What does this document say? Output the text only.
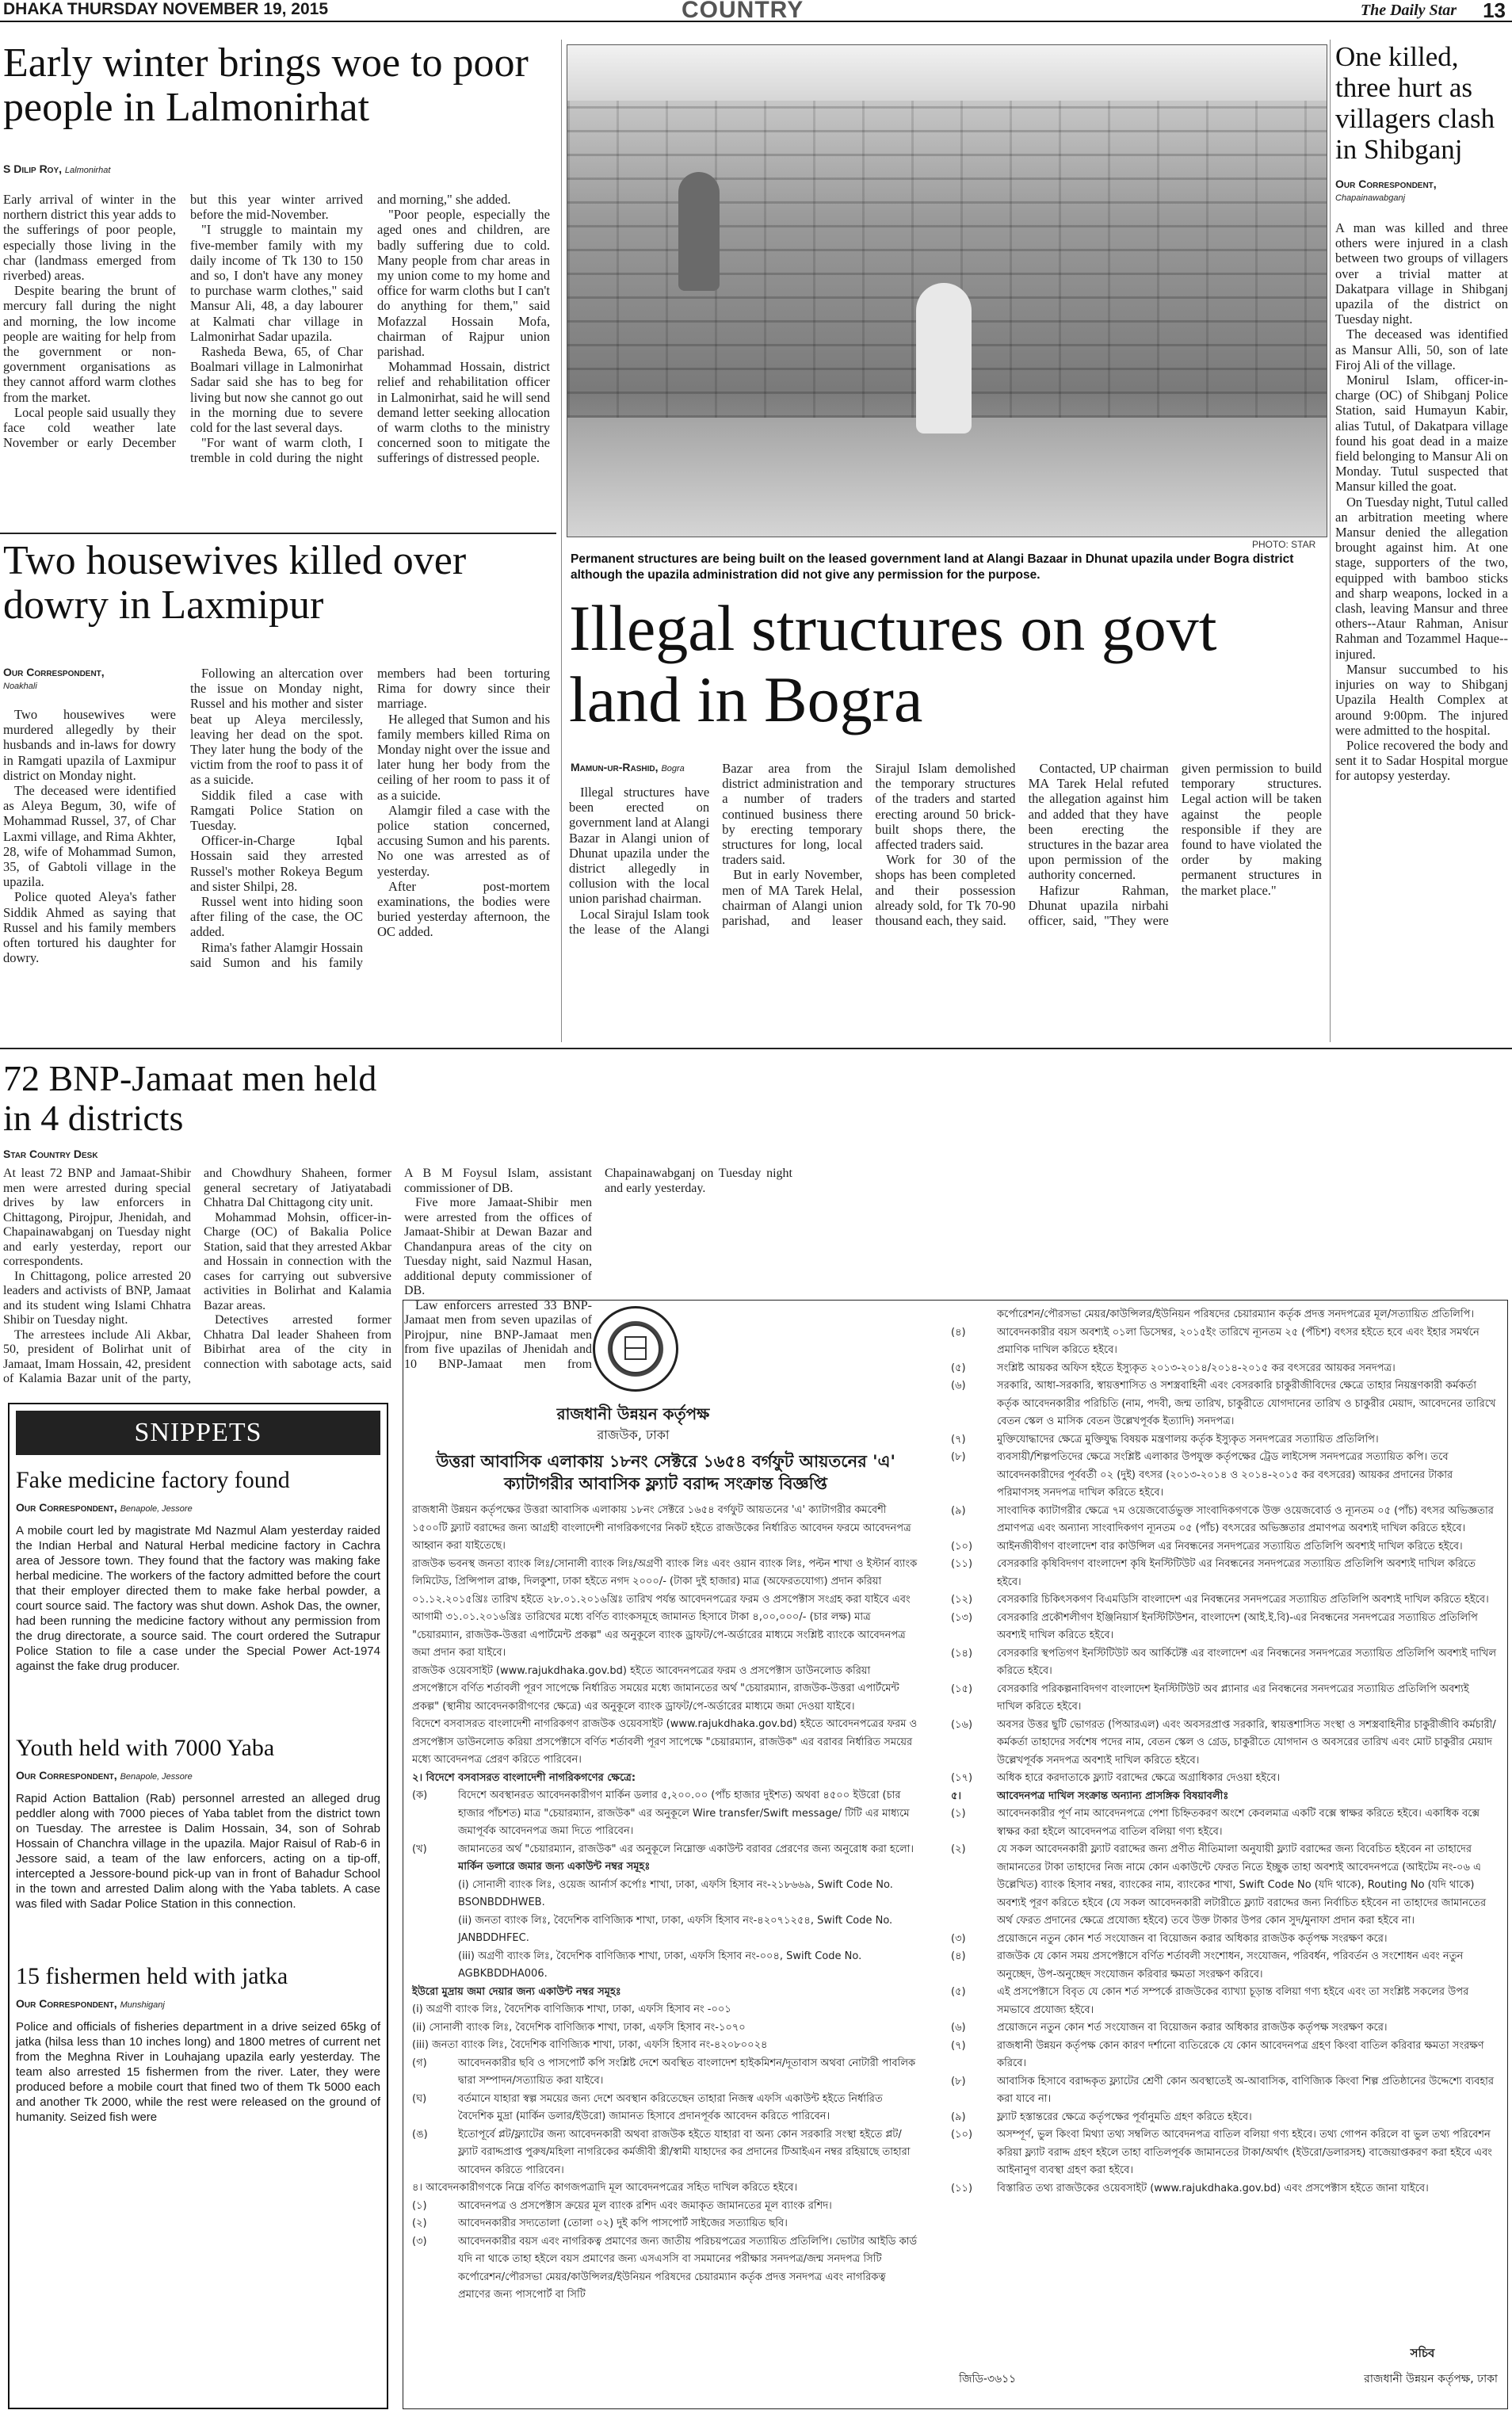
DHAKA THURSDAY NOVEMBER 19, 2015	COUNTRY	The Daily Star 13
Early winter brings woe to poor people in Lalmonirhat
S Dilip Roy, Lalmonirhat

Early arrival of winter in the northern district this year adds to the sufferings of poor people, especially those living in the char (landmass emerged from riverbed) areas.

Despite bearing the brunt of mercury fall during the night and morning, the low income people are waiting for help from the government or non-government organisations as they cannot afford warm clothes from the market.

Local people said usually they face cold weather late November or early December but this year winter arrived before the mid-November.

"I struggle to maintain my five-member family with my daily income of Tk 130 to 150 and so, I don't have any money to purchase warm clothes," said Mansur Ali, 48, a day labourer at Kalmati char village in Lalmonirhat Sadar upazila.

Rasheda Bewa, 65, of Char Boalmari village in Lalmonirhat Sadar said she has to beg for living but now she cannot go out in the morning due to severe cold for the last several days.

"For want of warm cloth, I tremble in cold during the night and morning," she added.

"Poor people, especially the aged ones and children, are badly suffering due to cold. Many people from char areas in my union come to my home and office for warm cloths but I can't do anything for them," said Mofazzal Hossain Mofa, chairman of Rajpur union parishad.

Mohammad Hossain, district relief and rehabilitation officer in Lalmonirhat, said he will send demand letter seeking allocation of warm cloths to the ministry concerned soon to mitigate the sufferings of distressed people.

Two housewives killed over dowry in Laxmipur
Our Correspondent,
Noakhali

Two housewives were murdered allegedly by their husbands and in-laws for dowry in Ramgati upazila of Laxmipur district on Monday night.

The deceased were identified as Aleya Begum, 30, wife of Mohammad Russel, 37, of Char Laxmi village, and Rima Akhter, 28, wife of Mohammad Sumon, 35, of Gabtoli village in the upazila.

Police quoted Aleya's father Siddik Ahmed as saying that Russel and his family members often tortured his daughter for dowry.

Following an altercation over the issue on Monday night, Russel and his mother and sister beat up Aleya mercilessly, leaving her dead on the spot. They later hung the body of the victim from the roof to pass it of as a suicide.

Siddik filed a case with Ramgati Police Station on Tuesday.

Officer-in-Charge Iqbal Hossain said they arrested Russel's mother Rokeya Begum and sister Shilpi, 28.

Russel went into hiding soon after filing of the case, the OC added.

Rima's father Alamgir Hossain said Sumon and his family members had been torturing Rima for dowry since their marriage.

He alleged that Sumon and his family members killed Rima on Monday night over the issue and later hung her body from the ceiling of her room to pass it of as a suicide.

Alamgir filed a case with the police station concerned, accusing Sumon and his parents. No one was arrested as of yesterday.

After post-mortem examinations, the bodies were buried yesterday afternoon, the OC added.

PHOTO: STAR
Permanent structures are being built on the leased government land at Alangi Bazaar in Dhunat upazila under Bogra district although the upazila administration did not give any permission for the purpose.
Illegal structures on govt land in Bogra
Mamun-ur-Rashid, Bogra

Illegal structures have been erected on government land at Alangi Bazar in Alangi union of Dhunat upazila under the district allegedly in collusion with the local union parishad chairman.

Local Sirajul Islam took the lease of the Alangi Bazar area from the district administration and a number of traders continued business there by erecting temporary structures for long, local traders said.

But in early November, men of MA Tarek Helal, chairman of Alangi union parishad, and leaser Sirajul Islam demolished the temporary structures of the traders and started erecting around 50 brick-built shops there, the affected traders said.

Work for 30 of the shops has been completed and their possession already sold, for Tk 70-90 thousand each, they said.

Contacted, UP chairman MA Tarek Helal refuted the allegation against him and added that they have been erecting the structures in the bazar area upon permission of the authority concerned.

Hafizur Rahman, Dhunat upazila nirbahi officer, said, "They were given permission to build temporary structures. Legal action will be taken against the people responsible if they are found to have violated the order by making permanent structures in the market place."

One killed, three hurt as villagers clash in Shibganj
Our Correspondent,
Chapainawabganj

A man was killed and three others were injured in a clash between two groups of villagers over a trivial matter at Dakatpara village in Shibganj upazila of the district on Tuesday night.

The deceased was identified as Mansur Alli, 50, son of late Firoj Ali of the village.

Monirul Islam, officer-in-charge (OC) of Shibganj Police Station, said Humayun Kabir, alias Tutul, of Dakatpara village found his goat dead in a maize field belonging to Mansur Ali on Monday. Tutul suspected that Mansur killed the goat.

On Tuesday night, Tutul called an arbitration meeting where Mansur denied the allegation brought against him. At one stage, supporters of the two, equipped with bamboo sticks and sharp weapons, locked in a clash, leaving Mansur and three others--Ataur Rahman, Anisur Rahman and Tozammel Haque--injured.

Mansur succumbed to his injuries on way to Shibganj Upazila Health Complex at around 9:00pm. The injured were admitted to the hospital.

Police recovered the body and sent it to Sadar Hospital morgue for autopsy yesterday.

72 BNP-Jamaat men held in 4 districts
Star Country Desk

At least 72 BNP and Jamaat-Shibir men were arrested during special drives by law enforcers in Chittagong, Pirojpur, Jhenidah, and Chapainawabganj on Tuesday night and early yesterday, report our correspondents.

In Chittagong, police arrested 20 leaders and activists of BNP, Jamaat and its student wing Islami Chhatra Shibir on Tuesday night.

The arrestees include Ali Akbar, 50, president of Bolirhat unit of Jamaat, Imam Hossain, 42, president of Kalamia Bazar unit of the party, and Chowdhury Shaheen, former general secretary of Jatiyatabadi Chhatra Dal Chittagong city unit.

Mohammad Mohsin, officer-in-Charge (OC) of Bakalia Police Station, said that they arrested Akbar and Hossain in connection with the cases for carrying out subversive activities in Bolirhat and Kalamia Bazar areas.

Detectives arrested former Chhatra Dal leader Shaheen from Bibirhat area of the city in connection with sabotage acts, said A B M Foysul Islam, assistant commissioner of DB.

Five more Jamaat-Shibir men were arrested from the offices of Jamaat-Shibir at Dewan Bazar and Chandanpura areas of the city on Tuesday night, said Nazmul Hasan, additional deputy commissioner of DB.

Law enforcers arrested 33 BNP-Jamaat men from seven upazilas of Pirojpur, nine BNP-Jamaat men from five upazilas of Jhenidah and 10 BNP-Jamaat men from Chapainawabganj on Tuesday night and early yesterday.

SNIPPETS
Fake medicine factory found
Our Correspondent, Benapole, Jessore

A mobile court led by magistrate Md Nazmul Alam yesterday raided the Indian Herbal and Natural Herbal medicine factory in Cachra area of Jessore town. They found that the factory was making fake herbal medicine. The workers of the factory admitted before the court that their employer directed them to make fake herbal powder, a court source said. The factory was shut down. Ashok Das, the owner, had been running the medicine factory without any permission from the drug directorate, a source said. The court ordered the Sutrapur Police Station to file a case under the Special Power Act-1974 against the fake drug producer.

Youth held with 7000 Yaba
Our Correspondent, Benapole, Jessore

Rapid Action Battalion (Rab) personnel arrested an alleged drug peddler along with 7000 pieces of Yaba tablet from the district town on Tuesday. The arrestee is Dalim Hossain, 34, son of Sohrab Hossain of Chanchra village in the upazila. Major Raisul of Rab-6 in Jessore said, a team of the law enforcers, acting on a tip-off, intercepted a Jessore-bound pick-up van in front of Bahadur School in the town and arrested Dalim along with the Yaba tablets. A case was filed with Sadar Police Station in this connection.

15 fishermen held with jatka
Our Correspondent, Munshiganj

Police and officials of fisheries department in a drive seized 65kg of jatka (hilsa less than 10 inches long) and 1800 metres of current net from the Meghna River in Louhajang upazila early yesterday. The team also arrested 15 fishermen from the river. Later, they were produced before a mobile court that fined two of them Tk 5000 each and another Tk 2000, while the rest were released on the ground of humanity. Seized fish were

রাজধানী উন্নয়ন কর্তৃপক্ষ
রাজউক, ঢাকা
উত্তরা আবাসিক এলাকায় ১৮নং সেক্টরে ১৬৫৪ বর্গফুট আয়তনের 'এ' ক্যাটাগরীর আবাসিক ফ্ল্যাট বরাদ্দ সংক্রান্ত বিজ্ঞপ্তি
রাজধানী উন্নয়ন কর্তৃপক্ষের উত্তরা আবাসিক এলাকায় ১৮নং সেক্টরে ১৬৫৪ বর্গফুট আয়তনের 'এ' ক্যাটাগরীর কমবেশী ১৫০০টি ফ্ল্যাট বরাদ্দের জন্য আগ্রহী বাংলাদেশী নাগরিকগণের নিকট হইতে রাজউকের নির্ধারিত আবেদন ফরমে আবেদনপত্র আহ্বান করা যাইতেছে।
রাজউক ভবনস্থ জনতা ব্যাংক লিঃ/সোনালী ব্যাংক লিঃ/অগ্রণী ব্যাংক লিঃ এবং ওয়ান ব্যাংক লিঃ, পল্টন শাখা ও ইস্টার্ন ব্যাংক লিমিটেড, প্রিন্সিপাল ব্রাঞ্চ, দিলকুশা, ঢাকা হইতে নগদ ২০০০/- (টাকা দুই হাজার) মাত্র (অফেরতযোগ্য) প্রদান করিয়া ০১.১২.২০১৫খ্রিঃ তারিখ হইতে ২৮.০১.২০১৬খ্রিঃ তারিখ পর্যন্ত আবেদনপত্রের ফরম ও প্রসপেক্টাস সংগ্রহ করা যাইবে এবং আগামী ৩১.০১.২০১৬খ্রিঃ তারিখের মধ্যে বর্ণিত ব্যাংকসমূহে জামানত হিসাবে টাকা ৪,০০,০০০/- (চার লক্ষ) মাত্র "চেয়ারম্যান, রাজউক-উত্তরা এপার্টমেন্ট প্রকল্প" এর অনুকূলে ব্যাংক ড্রাফট/পে-অর্ডারের মাধ্যমে সংশ্লিষ্ট ব্যাংকে আবেদনপত্র জমা প্রদান করা যাইবে।
রাজউক ওয়েবসাইট (www.rajukdhaka.gov.bd) হইতে আবেদনপত্রের ফরম ও প্রসপেক্টাস ডাউনলোড করিয়া প্রসপেক্টাসে বর্ণিত শর্তাবলী পূরণ সাপেক্ষে নির্ধারিত সময়ের মধ্যে জামানতের অর্থ "চেয়ারম্যান, রাজউক-উত্তরা এপার্টমেন্ট প্রকল্প" (স্থানীয় আবেদনকারীগণের ক্ষেত্রে) এর অনুকূলে ব্যাংক ড্রাফট/পে-অর্ডারের মাধ্যমে জমা দেওয়া যাইবে।
বিদেশে বসবাসরত বাংলাদেশী নাগরিকগণ রাজউক ওয়েবসাইট (www.rajukdhaka.gov.bd) হইতে আবেদনপত্রের ফরম ও প্রসপেক্টাস ডাউনলোড করিয়া প্রসপেক্টাসে বর্ণিত শর্তাবলী পূরণ সাপেক্ষে "চেয়ারম্যান, রাজউক" এর বরাবর নির্ধারিত সময়ের মধ্যে আবেদনপত্র প্রেরণ করিতে পারিবেন।
২। বিদেশে বসবাসরত বাংলাদেশী নাগরিকগণের ক্ষেত্রে:
(ক)	বিদেশে অবস্থানরত আবেদনকারীগণ মার্কিন ডলার ৫,২০০.০০ (পাঁচ হাজার দুইশত) অথবা ৪৫০০ ইউরো (চার হাজার পাঁচশত) মাত্র "চেয়ারম্যান, রাজউক" এর অনুকূলে Wire transfer/Swift message/ টিটি এর মাধ্যমে জমাপূর্বক আবেদনপত্র জমা দিতে পারিবেন।
(খ)	জামানতের অর্থ "চেয়ারম্যান, রাজউক" এর অনুকূলে নিম্নোক্ত একাউন্ট বরাবর প্রেরণের জন্য অনুরোধ করা হলো।
মার্কিন ডলারে জমার জন্য একাউন্ট নম্বর সমূহঃ
(i) সোনালী ব্যাংক লিঃ, ওয়েজ আর্নার্স কর্পোঃ শাখা, ঢাকা, এফসি হিসাব নং-২১৮৬৬৯, Swift Code No. BSONBDDHWEB.
(ii) জনতা ব্যাংক লিঃ, বৈদেশিক বাণিজ্যিক শাখা, ঢাকা, এফসি হিসাব নং-৪২০৭১২৫৪, Swift Code No. JANBDDHFEC.
(iii) অগ্রণী ব্যাংক লিঃ, বৈদেশিক বাণিজ্যিক শাখা, ঢাকা, এফসি হিসাব নং-০০৪, Swift Code No. AGBKBDDHA006.
ইউরো মুদ্রায় জমা দেয়ার জন্য একাউন্ট নম্বর সমূহঃ
(i) অগ্রণী ব্যাংক লিঃ, বৈদেশিক বাণিজ্যিক শাখা, ঢাকা, এফসি হিসাব নং -০০১
(ii) সোনালী ব্যাংক লিঃ, বৈদেশিক বাণিজ্যিক শাখা, ঢাকা, এফসি হিসাব নং-১০৭০
(iii) জনতা ব্যাংক লিঃ, বৈদেশিক বাণিজ্যিক শাখা, ঢাকা, এফসি হিসাব নং-৪২০৮০০২৪
(গ)	আবেদনকারীর ছবি ও পাসপোর্ট কপি সংশ্লিষ্ট দেশে অবস্থিত বাংলাদেশ হাইকমিশন/দূতাবাস অথবা নোটারী পাবলিক দ্বারা সম্পাদন/সত্যায়িত করা যাইবে।
(ঘ)	বর্তমানে যাহারা স্বল্প সময়ের জন্য দেশে অবস্থান করিতেছেন তাহারা নিজস্ব এফসি একাউন্ট হইতে নির্ধারিত বৈদেশিক মুদ্রা (মার্কিন ডলার/ইউরো) জামানত হিসাবে প্রদানপূর্বক আবেদন করিতে পারিবেন।
(ঙ)	ইতোপূর্বে প্লট/ফ্ল্যাটের জন্য আবেদনকারী অথবা রাজউক হইতে যাহারা বা অন্য কোন সরকারি সংস্থা হইতে প্লট/ফ্ল্যাট বরাদ্দপ্রাপ্ত পুরুষ/মহিলা নাগরিকের কর্মজীবী স্ত্রী/স্বামী যাহাদের কর প্রদানের টিআইএন নম্বর রহিয়াছে তাহারা আবেদন করিতে পারিবেন।
৪। আবেদনকারীগণকে নিম্নে বর্ণিত কাগজপত্রাদি মূল আবেদনপত্রের সহিত দাখিল করিতে হইবে।
(১)	আবেদনপত্র ও প্রসপেক্টাস ক্রয়ের মূল ব্যাংক রশিদ এবং জমাকৃত জামানতের মূল ব্যাংক রশিদ।
(২)	আবেদনকারীর সদ্যতোলা (তোলা ০২) দুই কপি পাসপোর্ট সাইজের সত্যায়িত ছবি।
(৩)	আবেদনকারীর বয়স এবং নাগরিকত্ব প্রমাণের জন্য জাতীয় পরিচয়পত্রের সত্যায়িত প্রতিলিপি। ভোটার আইডি কার্ড যদি না থাকে তাহা হইলে বয়স প্রমাণের জন্য এসএসসি বা সমমানের পরীক্ষার সনদপত্র/জন্ম সনদপত্র সিটি কর্পোরেশন/পৌরসভা মেয়র/কাউন্সিলর/ইউনিয়ন পরিষদের চেয়ারম্যান কর্তৃক প্রদত্ত সনদপত্র এবং নাগরিকত্ব প্রমাণের জন্য পাসপোর্ট বা সিটি
কর্পোরেশন/পৌরসভা মেয়র/কাউন্সিলর/ইউনিয়ন পরিষদের চেয়ারম্যান কর্তৃক প্রদত্ত সনদপত্রের মূল/সত্যায়িত প্রতিলিপি।
(৪)	আবেদনকারীর বয়স অবশ্যই ০১লা ডিসেম্বর, ২০১৫ইং তারিখে ন্যূনতম ২৫ (পঁচিশ) বৎসর হইতে হবে এবং ইহার সমর্থনে প্রমাণিক দাখিল করিতে হইবে।
(৫)	সংশ্লিষ্ট আয়কর অফিস হইতে ইস্যুকৃত ২০১৩-২০১৪/২০১৪-২০১৫ কর বৎসরের আয়কর সনদপত্র।
(৬)	সরকারি, আধা-সরকারি, স্বায়ত্তশাসিত ও সশস্ত্রবাহিনী এবং বেসরকারি চাকুরীজীবিদের ক্ষেত্রে তাহার নিয়ন্ত্রণকারী কর্মকর্তা কর্তৃক আবেদনকারীর পরিচিতি (নাম, পদবী, জন্ম তারিখ, চাকুরীতে যোগদানের তারিখ ও চাকুরীর মেয়াদ, আবেদনের তারিখে বেতন স্কেল ও মাসিক বেতন উল্লেখপূর্বক ইত্যাদি) সনদপত্র।
(৭)	মুক্তিযোদ্ধাদের ক্ষেত্রে মুক্তিযুদ্ধ বিষয়ক মন্ত্রণালয় কর্তৃক ইস্যুকৃত সনদপত্রের সত্যায়িত প্রতিলিপি।
(৮)	ব্যবসায়ী/শিল্পপতিদের ক্ষেত্রে সংশ্লিষ্ট এলাকার উপযুক্ত কর্তৃপক্ষের ট্রেড লাইসেন্স সনদপত্রের সত্যায়িত কপি। তবে আবেদনকারীদের পূর্ববর্তী ০২ (দুই) বৎসর (২০১৩-২০১৪ ও ২০১৪-২০১৫ কর বৎসরের) আয়কর প্রদানের টাকার পরিমাণসহ সনদপত্র দাখিল করিতে হইবে।
(৯)	সাংবাদিক ক্যাটাগরীর ক্ষেত্রে ৭ম ওয়েজবোর্ডভুক্ত সাংবাদিকগণকে উক্ত ওয়েজবোর্ড ও ন্যূনতম ০৫ (পাঁচ) বৎসর অভিজ্ঞতার প্রমাণপত্র এবং অন্যান্য সাংবাদিকগণ ন্যূনতম ০৫ (পাঁচ) বৎসরের অভিজ্ঞতার প্রমাণপত্র অবশ্যই দাখিল করিতে হইবে।
(১০)	আইনজীবীগণ বাংলাদেশ বার কাউন্সিল এর নিবন্ধনের সনদপত্রের সত্যায়িত প্রতিলিপি অবশ্যই দাখিল করিতে হইবে।
(১১)	বেসরকারি কৃষিবিদগণ বাংলাদেশ কৃষি ইনস্টিটিউট এর নিবন্ধনের সনদপত্রের সত্যায়িত প্রতিলিপি অবশ্যই দাখিল করিতে হইবে।
(১২)	বেসরকারি চিকিৎসকগণ বিএমডিসি বাংলাদেশ এর নিবন্ধনের সনদপত্রের সত্যায়িত প্রতিলিপি অবশ্যই দাখিল করিতে হইবে।
(১৩)	বেসরকারি প্রকৌশলীগণ ইঞ্জিনিয়ার্স ইনস্টিটিউশন, বাংলাদেশ (আই.ই.বি)-এর নিবন্ধনের সনদপত্রের সত্যায়িত প্রতিলিপি অবশ্যই দাখিল করিতে হইবে।
(১৪)	বেসরকারি স্থপতিগণ ইনস্টিটিউট অব আর্কিটেক্ট এর বাংলাদেশ এর নিবন্ধনের সনদপত্রের সত্যায়িত প্রতিলিপি অবশ্যই দাখিল করিতে হইবে।
(১৫)	বেসরকারি পরিকল্পনাবিদগণ বাংলাদেশ ইনস্টিটিউট অব প্ল্যানার এর নিবন্ধনের সনদপত্রের সত্যায়িত প্রতিলিপি অবশ্যই দাখিল করিতে হইবে।
(১৬)	অবসর উত্তর ছুটি ভোগরত (পিআরএল) এবং অবসরপ্রাপ্ত সরকারি, স্বায়ত্তশাসিত সংস্থা ও সশস্ত্রবাহিনীর চাকুরীজীবি কর্মচারী/কর্মকর্তা তাহাদের সর্বশেষ পদের নাম, বেতন স্কেল ও গ্রেড, চাকুরীতে যোগদান ও অবসরের তারিখ এবং মোট চাকুরীর মেয়াদ উল্লেখপূর্বক সনদপত্র অবশ্যই দাখিল করিতে হইবে।
(১৭)	অধিক হারে করদাতাকে ফ্ল্যাট বরাদ্দের ক্ষেত্রে অগ্রাধিকার দেওয়া হইবে।
৫।	আবেদনপত্র দাখিল সংক্রান্ত অন্যান্য প্রাসঙ্গিক বিষয়াবলীঃ
(১)	আবেদনকারীর পূর্ণ নাম আবেদনপত্রে পেশা চিহ্নিতকরণ অংশে কেবলমাত্র একটি বক্সে স্বাক্ষর করিতে হইবে। একাধিক বক্সে স্বাক্ষর করা হইলে আবেদনপত্র বাতিল বলিয়া গণ্য হইবে।
(২)	যে সকল আবেদনকারী ফ্ল্যাট বরাদ্দের জন্য প্রণীত নীতিমালা অনুযায়ী ফ্ল্যাট বরাদ্দের জন্য বিবেচিত হইবেন না তাহাদের জামানতের টাকা তাহাদের নিজ নামে কোন একাউন্টে ফেরত নিতে ইচ্ছুক তাহা অবশ্যই আবেদনপত্রে (আইটেম নং-০৬ এ উল্লেখিত) ব্যাংক হিসাব নম্বর, ব্যাংকের নাম, ব্যাংকের শাখা, Swift Code No (যদি থাকে), Routing No (যদি থাকে) অবশ্যই পূরণ করিতে হইবে (যে সকল আবেদনকারী লটারীতে ফ্ল্যাট বরাদ্দের জন্য নির্বাচিত হইবেন না তাহাদের জামানতের অর্থ ফেরত প্রদানের ক্ষেত্রে প্রযোজ্য হইবে) তবে উক্ত টাকার উপর কোন সুদ/মুনাফা প্রদান করা হইবে না।
(৩)	প্রয়োজনে নতুন কোন শর্ত সংযোজন বা বিয়োজন করার অধিকার রাজউক কর্তৃপক্ষ সংরক্ষণ করে।
(৪)	রাজউক যে কোন সময় প্রসপেক্টাসে বর্ণিত শর্তাবলী সংশোধন, সংযোজন, পরিবর্ধন, পরিবর্তন ও সংশোধন এবং নতুন অনুচ্ছেদ, উপ-অনুচ্ছেদ সংযোজন করিবার ক্ষমতা সংরক্ষণ করিবে।
(৫)	এই প্রসপেক্টাসে বিবৃত যে কোন শর্ত সম্পর্কে রাজউকের ব্যাখ্যা চূড়ান্ত বলিয়া গণ্য হইবে এবং তা সংশ্লিষ্ট সকলের উপর সমভাবে প্রযোজ্য হইবে।
(৬)	প্রয়োজনে নতুন কোন শর্ত সংযোজন বা বিয়োজন করার অধিকার রাজউক কর্তৃপক্ষ সংরক্ষণ করে।
(৭)	রাজধানী উন্নয়ন কর্তৃপক্ষ কোন কারণ দর্শানো ব্যতিরেকে যে কোন আবেদনপত্র গ্রহণ কিংবা বাতিল করিবার ক্ষমতা সংরক্ষণ করিবে।
(৮)	আবাসিক হিসাবে বরাদ্দকৃত ফ্ল্যাটের শ্রেণী কোন অবস্থাতেই অ-আবাসিক, বাণিজ্যিক কিংবা শিল্প প্রতিষ্ঠানের উদ্দেশ্যে ব্যবহার করা যাবে না।
(৯)	ফ্ল্যাট হস্তান্তরের ক্ষেত্রে কর্তৃপক্ষের পূর্বানুমতি গ্রহণ করিতে হইবে।
(১০)	অসম্পূর্ণ, ভুল কিংবা মিথ্যা তথ্য সম্বলিত আবেদনপত্র বাতিল বলিয়া গণ্য হইবে। তথ্য গোপন করিলে বা ভুল তথ্য পরিবেশন করিয়া ফ্ল্যাট বরাদ্দ গ্রহণ হইলে তাহা বাতিলপূর্বক জামানতের টাকা/অর্থাৎ (ইউরো/ডলারসহ) বাজেয়াপ্তকরণ করা হইবে এবং আইনানুগ ব্যবস্থা গ্রহণ করা হইবে।
(১১)	বিস্তারিত তথ্য রাজউকের ওয়েবসাইট (www.rajukdhaka.gov.bd) এবং প্রসপেক্টাস হইতে জানা যাইবে।
সচিব
রাজধানী উন্নয়ন কর্তৃপক্ষ, ঢাকা
জিডি-৩৬১১
